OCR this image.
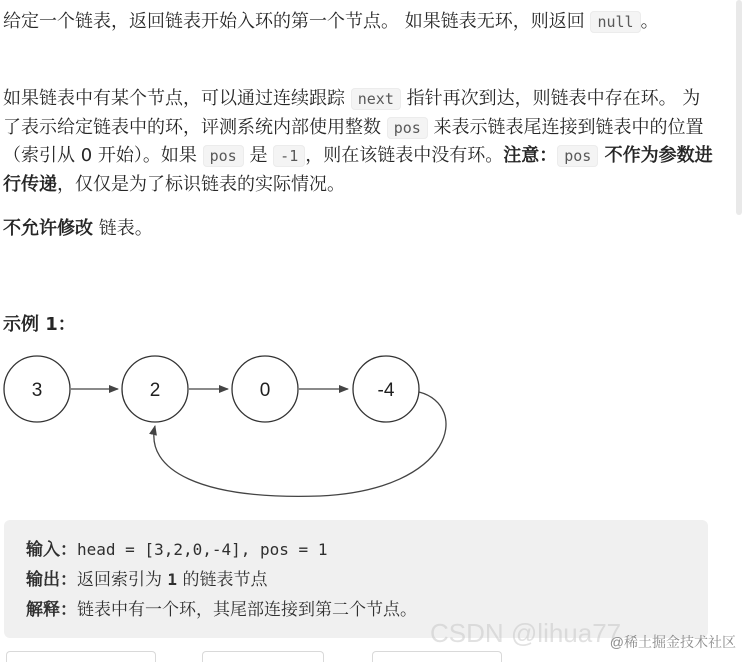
给定一个链表，返回链表开始入环的第一个节点。 如果链表无环，则返回 null 。

如果链表中有某个节点，可以通过连续跟踪 next 指针再次到达，则链表中存在环。 为了表示给定链表中的环，评测系统内部使用整数 pos 来表示链表尾连接到链表中的位置（索引从 0 开始）。如果 pos 是 -1 ，则在该链表中没有环。注意： pos 不作为参数进行传递，仅仅是为了标识链表的实际情况。

不允许修改 链表。

示例 1：
3	2	0	-4
输入：head = [3,2,0,-4], pos = 1
输出：返回索引为 1 的链表节点
解释：链表中有一个环，其尾部连接到第二个节点。
CSDN @lihua77
@稀土掘金技术社区
